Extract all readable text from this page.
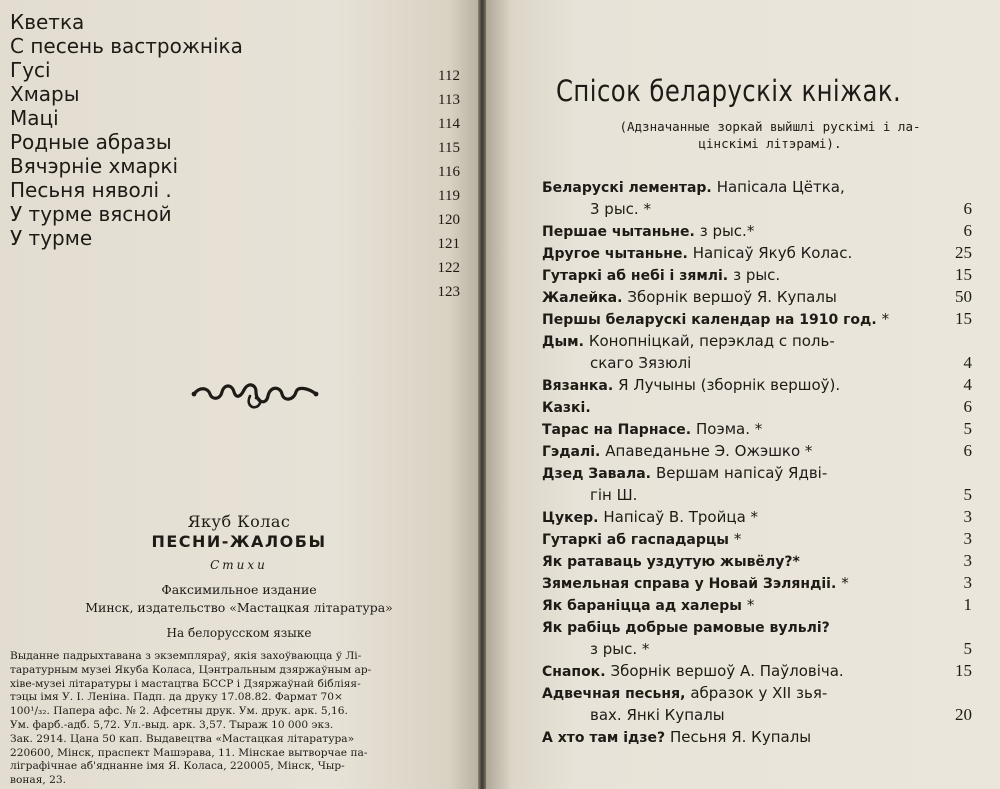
Кветка
С песень вастрожніка
Гусі	112
Хмары	113
Маці	114
Родные абразы	115
Вячэрніе хмаркі	116
Песьня няволі .	119
У турме вясной	120
У турме	121
122
123
Якуб Колас
ПЕСНИ-ЖАЛОБЫ
Стихи
Факсимильное издание
Минск, издательство «Мастацкая літаратура»
На белорусском языке
Выданне падрыхтавана з экземпляраў, якія захоўваюцца ў Лі-
таратурным музеі Якуба Коласа, Цэнтральным дзяржаўным ар-
хіве-музеі літаратуры і мастацтва БССР і Дзяржаўнай бібліяя-
тэцы імя У. І. Леніна. Падп. да друку 17.08.82. Фармат 70×
100¹/₃₂. Папера афс. № 2. Афсетны друк. Ум. друк. арк. 5,16.
Ум. фарб.-адб. 5,72. Ул.-выд. арк. 3,57. Тыраж 10 000 экз.
Зак. 2914. Цана 50 кап. Выдавецтва «Мастацкая літаратура»
220600, Мінск, праспект Машэрава, 11. Мінскае вытворчае па-
ліграфічнае аб'яднанне імя Я. Коласа, 220005, Мінск, Чыр-
воная, 23.
Спісок беларускіх кніжак.
(Адзначанные зоркай выйшлі рускімі і ла-
цінскімі літэрамі).
Беларускі лементар. Напісала Цётка,
3 рыс. *	6
Першае чытаньне. з рыс.*	6
Другое чытаньне. Напісаў Якуб Колас.	25
Гутаркі аб небі і зямлі. з рыс.	15
Жалейка. Зборнік вершоў Я. Купалы	50
Першы беларускі календар на 1910 год. *	15
Дым. Конопніцкай, перэклад с поль-
скаго Зязюлі	4
Вязанка. Я Лучыны (зборнік вершоў).	4
Казкі.	6
Тарас на Парнасе. Поэма. *	5
Гэдалі. Апаведаньне Э. Ожэшко *	6
Дзед Завала. Вершам напісаў Ядві-
гін Ш.	5
Цукер. Напісаў В. Тройца *	3
Гутаркі аб гаспадарцы *	3
Як ратаваць уздутую жывёлу?*	3
Зямельная справа у Новай Зэляндіі. *	3
Як бараніцца ад халеры *	1
Як рабіць добрые рамовые вульлі?
з рыс. *	5
Снапок. Зборнік вершоў А. Паўловіча.	15
Адвечная песьня, абразок у XII зья-
вах. Янкі Купалы	20
А хто там ідзе? Песьня Я. Купалы
